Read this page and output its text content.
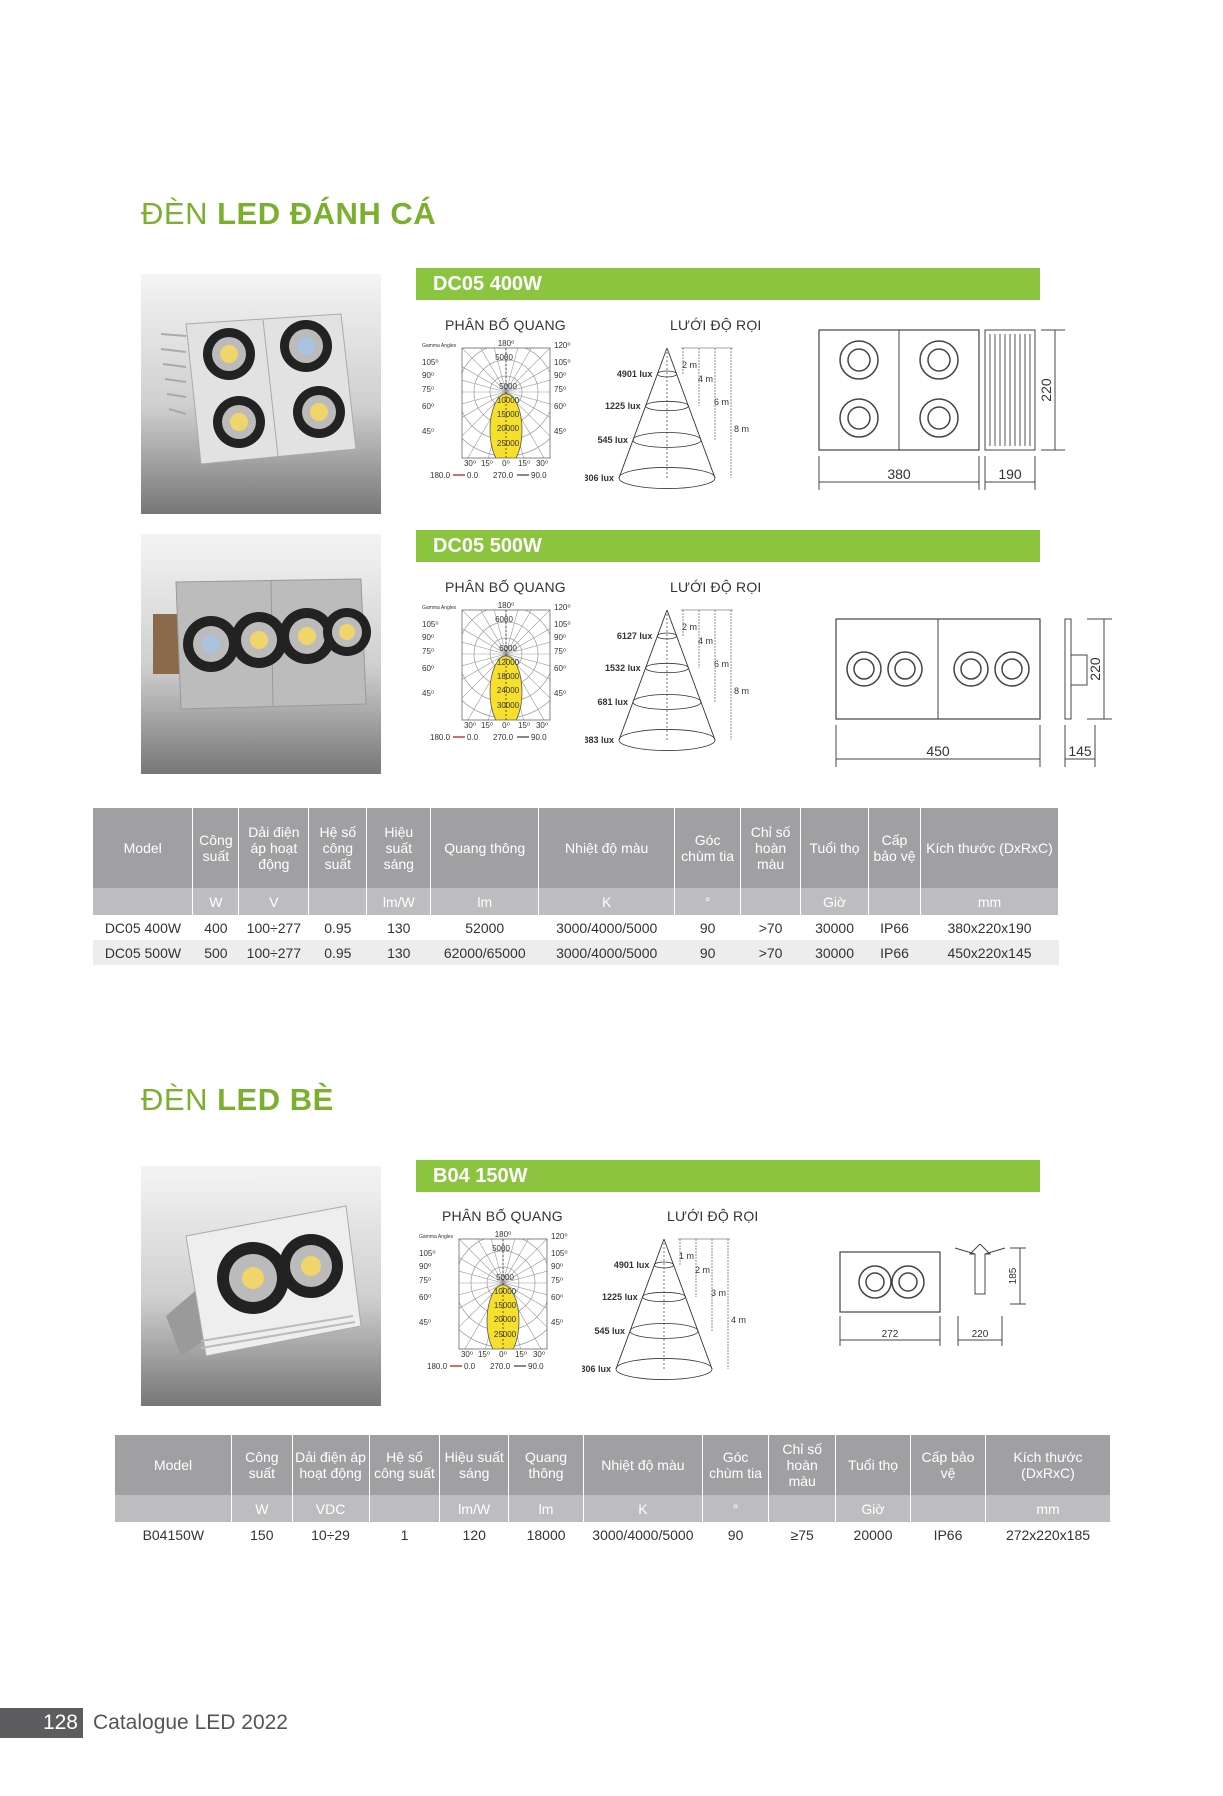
ĐÈN LED ĐÁNH CÁ
DC05 400W
PHÂN BỐ QUANG	LƯỚI ĐỘ RỌI
Gamma Angles	180⁰	120⁰
105⁰	105⁰
90⁰	90⁰
75⁰	75⁰
60⁰	60⁰
45⁰	45⁰
5000
5000
10000
15000
20000
25000
30⁰ 15⁰ 0⁰ 15⁰ 30⁰
180.0 0.0 270.0 90.0
4901 lux
1225 lux
545 lux
306 lux
2 m
4 m
6 m
8 m
380	190
220
DC05 500W
PHÂN BỐ QUANG	LƯỚI ĐỘ RỌI
Gamma Angles	180⁰	120⁰
105⁰	105⁰
90⁰	90⁰
75⁰	75⁰
60⁰	60⁰
45⁰	45⁰
6000
6000
12000
18000
24000
30000
30⁰ 15⁰ 0⁰ 15⁰ 30⁰
180.0 0.0 270.0 90.0
6127 lux
1532 lux
681 lux
383 lux
2 m
4 m
6 m
8 m
450	145
220
Model	Công suất	Dải điện áp hoạt động	Hệ số công suất	Hiệu suất sáng	Quang thông	Nhiệt độ màu	Góc chùm tia	Chỉ số hoàn màu	Tuổi thọ	Cấp bảo vệ	Kích thước (DxRxC)
	W	V		lm/W	lm	K	°		Giờ		mm
DC05 400W	400	100÷277	0.95	130	52000	3000/4000/5000	90	>70	30000	IP66	380x220x190
DC05 500W	500	100÷277	0.95	130	62000/65000	3000/4000/5000	90	>70	30000	IP66	450x220x145
ĐÈN LED BÈ
B04 150W
PHÂN BỐ QUANG	LƯỚI ĐỘ RỌI
Gamma Angles	180⁰	120⁰
105⁰	105⁰
90⁰	90⁰
75⁰	75⁰
60⁰	60⁰
45⁰	45⁰
5000
5000
10000
15000
20000
25000
30⁰ 15⁰ 0⁰ 15⁰ 30⁰
180.0 0.0 270.0 90.0
4901 lux
1225 lux
545 lux
306 lux
1 m
2 m
3 m
4 m
272	220
185
Model	Công suất	Dải điện áp hoạt động	Hệ số công suất	Hiệu suất sáng	Quang thông	Nhiệt độ màu	Góc chùm tia	Chỉ số hoàn màu	Tuổi thọ	Cấp bảo vệ	Kích thước (DxRxC)
	W	VDC		lm/W	lm	K	°		Giờ		mm
B04150W	150	10÷29	1	120	18000	3000/4000/5000	90	≥75	20000	IP66	272x220x185
128 Catalogue LED 2022
